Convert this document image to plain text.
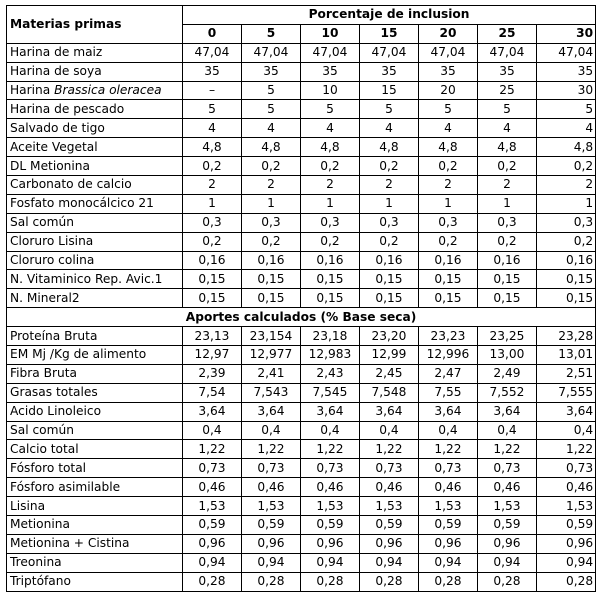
Materias primas	Porcentaje de inclusion						
	0	5	10	15	20	25	30
Harina de maiz	47,04	47,04	47,04	47,04	47,04	47,04	47,04
Harina de soya	35	35	35	35	35	35	35
Harina Brassica oleracea	–	5	10	15	20	25	30
Harina de pescado	5	5	5	5	5	5	5
Salvado de tigo	4	4	4	4	4	4	4
Aceite Vegetal	4,8	4,8	4,8	4,8	4,8	4,8	4,8
DL Metionina	0,2	0,2	0,2	0,2	0,2	0,2	0,2
Carbonato de calcio	2	2	2	2	2	2	2
Fosfato monocálcico 21	1	1	1	1	1	1	1
Sal común	0,3	0,3	0,3	0,3	0,3	0,3	0,3
Cloruro Lisina	0,2	0,2	0,2	0,2	0,2	0,2	0,2
Cloruro colina	0,16	0,16	0,16	0,16	0,16	0,16	0,16
N. Vitaminico Rep. Avic.1	0,15	0,15	0,15	0,15	0,15	0,15	0,15
N. Mineral2	0,15	0,15	0,15	0,15	0,15	0,15	0,15
Aportes calculados (% Base seca)							
Proteína Bruta	23,13	23,154	23,18	23,20	23,23	23,25	23,28
EM Mj /Kg de alimento	12,97	12,977	12,983	12,99	12,996	13,00	13,01
Fibra Bruta	2,39	2,41	2,43	2,45	2,47	2,49	2,51
Grasas totales	7,54	7,543	7,545	7,548	7,55	7,552	7,555
Acido Linoleico	3,64	3,64	3,64	3,64	3,64	3,64	3,64
Sal común	0,4	0,4	0,4	0,4	0,4	0,4	0,4
Calcio total	1,22	1,22	1,22	1,22	1,22	1,22	1,22
Fósforo total	0,73	0,73	0,73	0,73	0,73	0,73	0,73
Fósforo asimilable	0,46	0,46	0,46	0,46	0,46	0,46	0,46
Lisina	1,53	1,53	1,53	1,53	1,53	1,53	1,53
Metionina	0,59	0,59	0,59	0,59	0,59	0,59	0,59
Metionina + Cistina	0,96	0,96	0,96	0,96	0,96	0,96	0,96
Treonina	0,94	0,94	0,94	0,94	0,94	0,94	0,94
Triptófano	0,28	0,28	0,28	0,28	0,28	0,28	0,28
